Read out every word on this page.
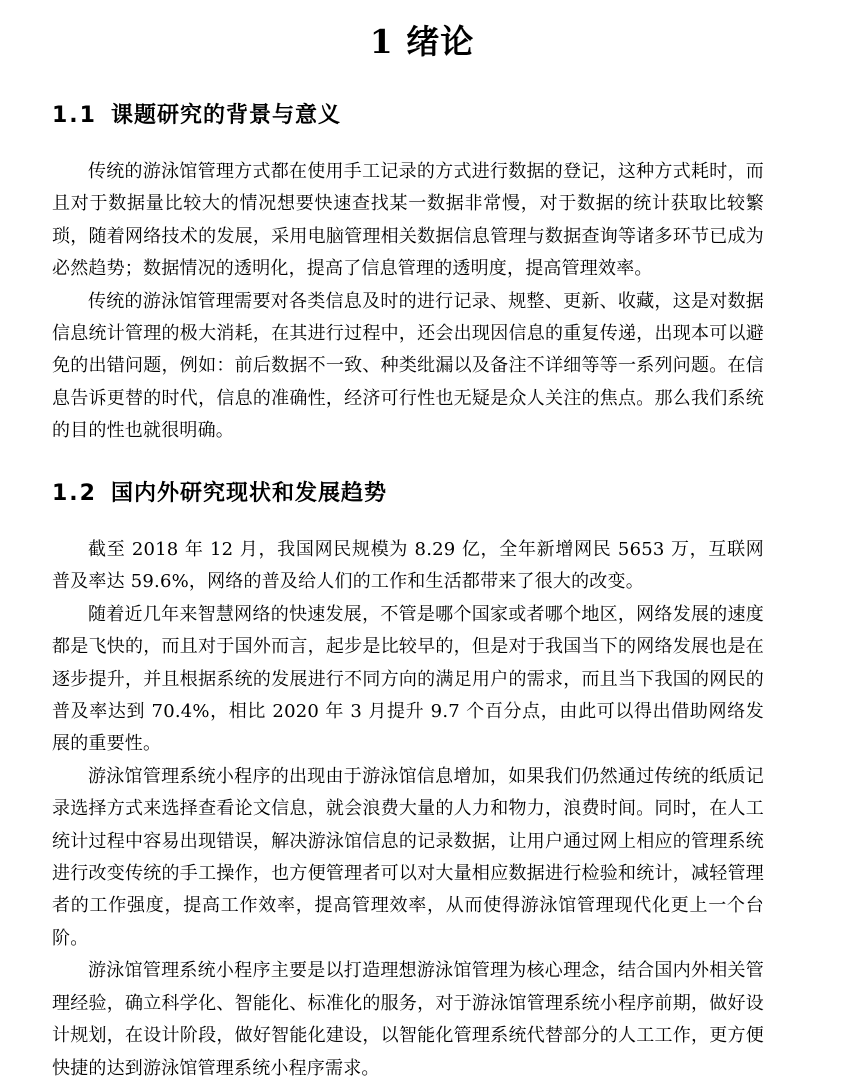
1 绪论
1.1 课题研究的背景与意义

传统的游泳馆管理方式都在使用手工记录的方式进行数据的登记，这种方式耗时，而且对于数据量比较大的情况想要快速查找某一数据非常慢，对于数据的统计获取比较繁琐，随着网络技术的发展，采用电脑管理相关数据信息管理与数据查询等诸多环节已成为必然趋势；数据情况的透明化，提高了信息管理的透明度，提高管理效率。

传统的游泳馆管理需要对各类信息及时的进行记录、规整、更新、收藏，这是对数据信息统计管理的极大消耗，在其进行过程中，还会出现因信息的重复传递，出现本可以避免的出错问题，例如：前后数据不一致、种类纰漏以及备注不详细等等一系列问题。在信息告诉更替的时代，信息的准确性，经济可行性也无疑是众人关注的焦点。那么我们系统的目的性也就很明确。

1.2 国内外研究现状和发展趋势

截至 2018 年 12 月，我国网民规模为 8.29 亿，全年新增网民 5653 万，互联网普及率达 59.6%，网络的普及给人们的工作和生活都带来了很大的改变。

随着近几年来智慧网络的快速发展，不管是哪个国家或者哪个地区，网络发展的速度都是飞快的，而且对于国外而言，起步是比较早的，但是对于我国当下的网络发展也是在逐步提升，并且根据系统的发展进行不同方向的满足用户的需求，而且当下我国的网民的普及率达到 70.4%，相比 2020 年 3 月提升 9.7 个百分点，由此可以得出借助网络发展的重要性。

游泳馆管理系统小程序的出现由于游泳馆信息增加，如果我们仍然通过传统的纸质记录选择方式来选择查看论文信息，就会浪费大量的人力和物力，浪费时间。同时，在人工统计过程中容易出现错误，解决游泳馆信息的记录数据，让用户通过网上相应的管理系统进行改变传统的手工操作，也方便管理者可以对大量相应数据进行检验和统计，减轻管理者的工作强度，提高工作效率，提高管理效率，从而使得游泳馆管理现代化更上一个台阶。

游泳馆管理系统小程序主要是以打造理想游泳馆管理为核心理念，结合国内外相关管理经验，确立科学化、智能化、标准化的服务，对于游泳馆管理系统小程序前期，做好设计规划，在设计阶段，做好智能化建设，以智能化管理系统代替部分的人工工作，更方便快捷的达到游泳馆管理系统小程序需求。
